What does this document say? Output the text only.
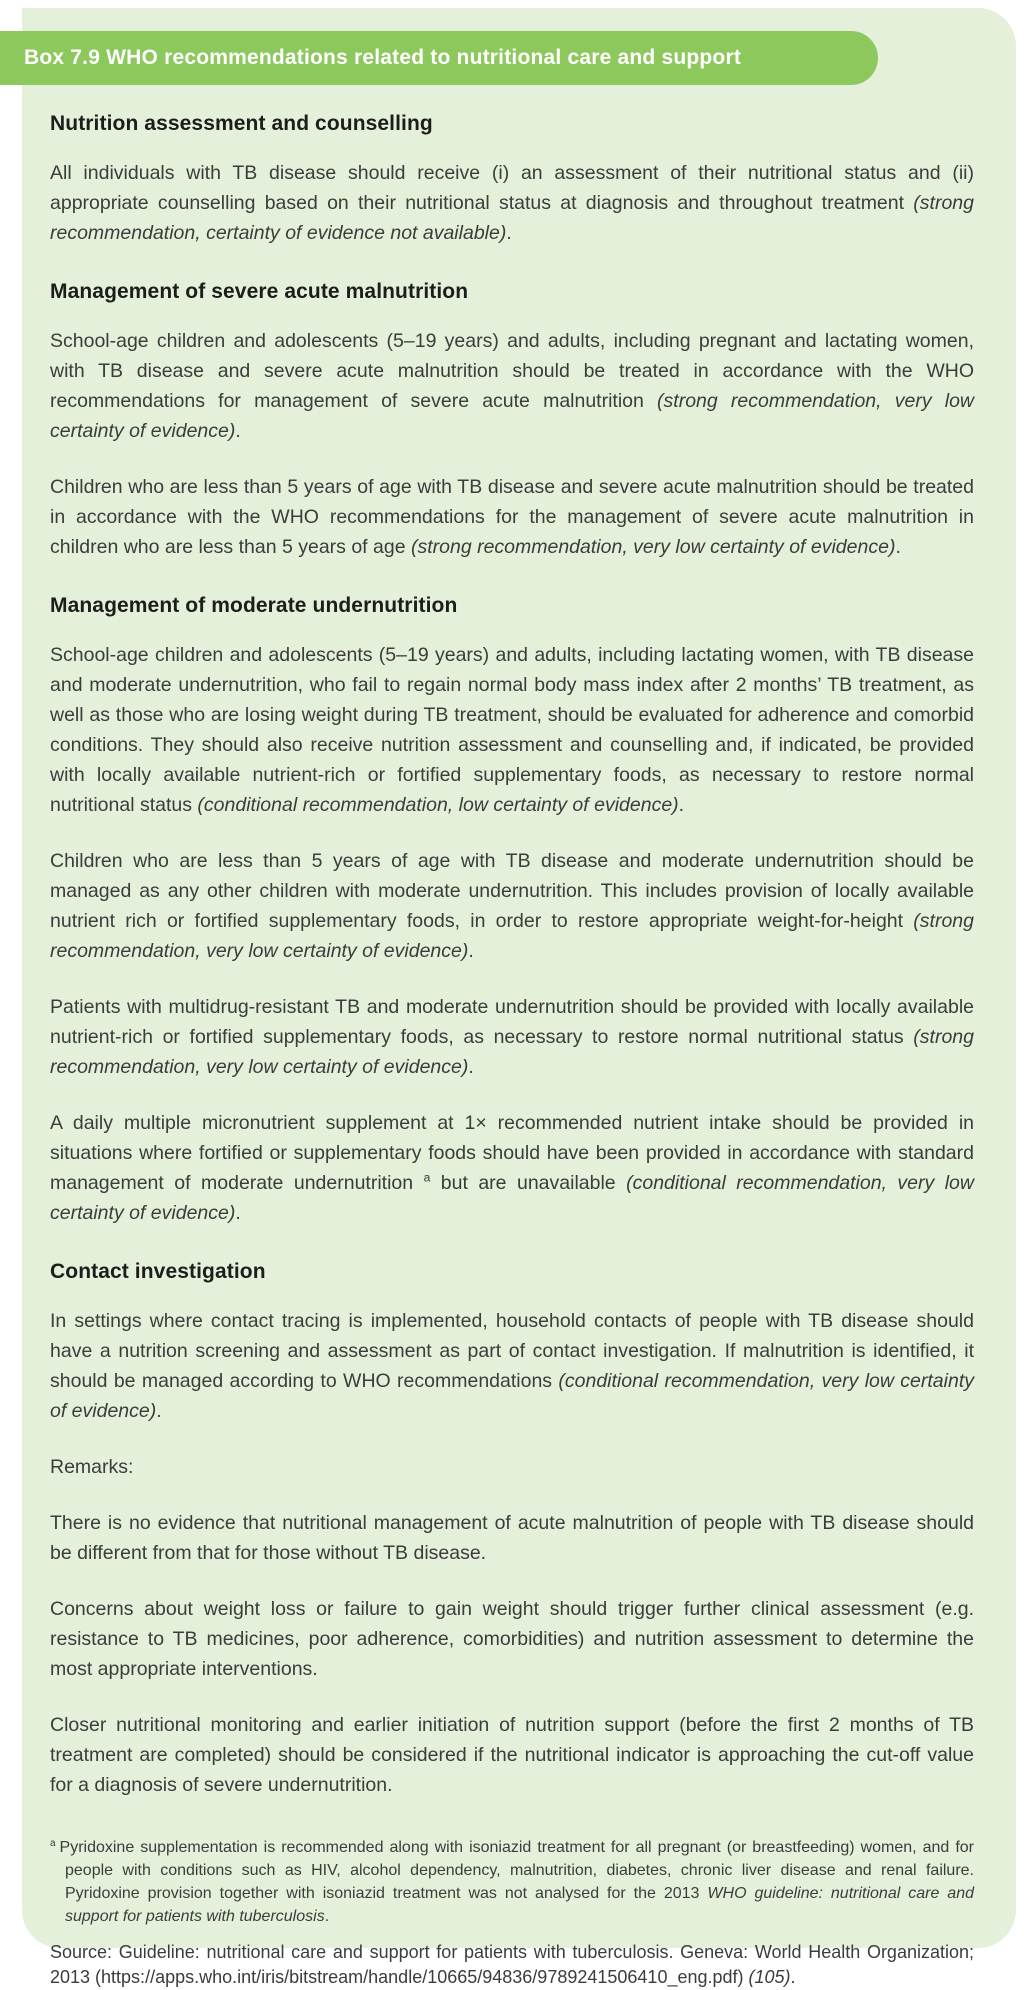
Box 7.9 WHO recommendations related to nutritional care and support
Nutrition assessment and counselling

All individuals with TB disease should receive (i) an assessment of their nutritional status and (ii) appropriate counselling based on their nutritional status at diagnosis and throughout treatment (strong recommendation, certainty of evidence not available).

Management of severe acute malnutrition

School-age children and adolescents (5–19 years) and adults, including pregnant and lactating women, with TB disease and severe acute malnutrition should be treated in accordance with the WHO recommendations for management of severe acute malnutrition (strong recommendation, very low certainty of evidence).

Children who are less than 5 years of age with TB disease and severe acute malnutrition should be treated in accordance with the WHO recommendations for the management of severe acute malnutrition in children who are less than 5 years of age (strong recommendation, very low certainty of evidence).

Management of moderate undernutrition

School-age children and adolescents (5–19 years) and adults, including lactating women, with TB disease and moderate undernutrition, who fail to regain normal body mass index after 2 months’ TB treatment, as well as those who are losing weight during TB treatment, should be evaluated for adherence and comorbid conditions. They should also receive nutrition assessment and counselling and, if indicated, be provided with locally available nutrient-rich or fortified supplementary foods, as necessary to restore normal nutritional status (conditional recommendation, low certainty of evidence).

Children who are less than 5 years of age with TB disease and moderate undernutrition should be managed as any other children with moderate undernutrition. This includes provision of locally available nutrient rich or fortified supplementary foods, in order to restore appropriate weight-for-height (strong recommendation, very low certainty of evidence).

Patients with multidrug-resistant TB and moderate undernutrition should be provided with locally available nutrient-rich or fortified supplementary foods, as necessary to restore normal nutritional status (strong recommendation, very low certainty of evidence).

A daily multiple micronutrient supplement at 1× recommended nutrient intake should be provided in situations where fortified or supplementary foods should have been provided in accordance with standard management of moderate undernutrition $^a$ but are unavailable (conditional recommendation, very low certainty of evidence).

Contact investigation

In settings where contact tracing is implemented, household contacts of people with TB disease should have a nutrition screening and assessment as part of contact investigation. If malnutrition is identified, it should be managed according to WHO recommendations (conditional recommendation, very low certainty of evidence).

Remarks:

There is no evidence that nutritional management of acute malnutrition of people with TB disease should be different from that for those without TB disease.

Concerns about weight loss or failure to gain weight should trigger further clinical assessment (e.g. resistance to TB medicines, poor adherence, comorbidities) and nutrition assessment to determine the most appropriate interventions.

Closer nutritional monitoring and earlier initiation of nutrition support (before the first 2 months of TB treatment are completed) should be considered if the nutritional indicator is approaching the cut-off value for a diagnosis of severe undernutrition.

$^a$ Pyridoxine supplementation is recommended along with isoniazid treatment for all pregnant (or breastfeeding) women, and for people with conditions such as HIV, alcohol dependency, malnutrition, diabetes, chronic liver disease and renal failure. Pyridoxine provision together with isoniazid treatment was not analysed for the 2013 WHO guideline: nutritional care and support for patients with tuberculosis.

Source: Guideline: nutritional care and support for patients with tuberculosis. Geneva: World Health Organization; 2013 (https://​apps.who.int/iris/bitstream/handle/10665/94836/9789241506410_eng.pdf) (105).
